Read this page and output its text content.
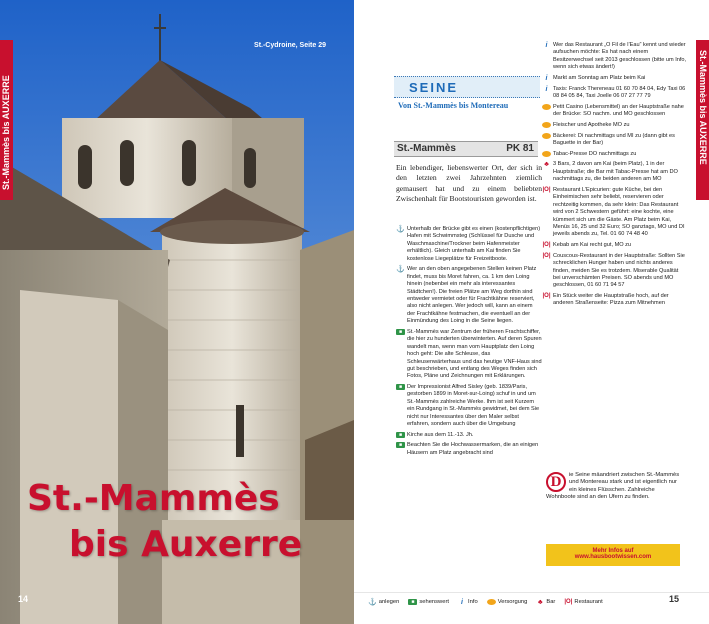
St.-Mammès bis AUXERRE
St.-Cydroine, Seite 29
St.-Mammès
bis Auxerre
14
St.-Mammès bis AUXERRE
SEINE
Von St.-Mammès bis Montereau
St.-Mammès	PK 81
Ein lebendiger, liebenswerter Ort, der sich in den letzten zwei Jahrzehnten ziemlich gemausert hat und zu einem beliebten Zwischenhalt für Bootstouristen geworden ist.
⚓ Unterhalb der Brücke gibt es einen (kostenpflichtigen) Hafen mit Schwimmsteg (Schlüssel für Dusche und Waschmaschine/Trockner beim Hafenmeister erhältlich). Gleich unterhalb am Kai finden Sie kostenlose Liegeplätze für Freizeitboote.
⚓ Wer an den oben angegebenen Stellen keinen Platz findet, muss bis Moret fahren, ca. 1 km den Loing hinein (nebenbei ein mehr als interessantes Städtchen!). Die freien Plätze am Weg dorthin sind entweder vermietet oder für Frachtkähne reserviert, also nicht anlegen. Wer jedoch will, kann an einem der Frachtkähne festmachen, die eventuell an der Einmündung des Loing in die Seine liegen.
■ St.-Mammès war Zentrum der früheren Frachtschiffer, die hier zu hunderten überwinterten. Auf deren Spuren wandelt man, wenn man vom Hauptplatz den Loing hoch geht: Die alte Schleuse, das Schleusenwärterhaus und das heutige VNF-Haus sind gut beschrieben, und entlang des Weges finden sich Fotos, Pläne und Zeichnungen mit Erklärungen.
■ Der Impressionist Alfred Sisley (geb. 1839/Paris, gestorben 1899 in Moret-sur-Loing) schuf in und um St.-Mammès zahlreiche Werke. Ihm ist seit Kurzem ein Rundgang in St.-Mammès gewidmet, bei dem Sie nicht nur Interessantes über den Maler selbst erfahren, sondern auch über die Umgebung
■ Kirche aus dem 11.-13. Jh.
■ Beachten Sie die Hochwassermarken, die an einigen Häusern am Platz angebracht sind
i Wer das Restaurant „O Fil de l’Eau“ kennt und wieder aufsuchen möchte: Es hat nach einem Besitzerwechsel seit 2013 geschlossen (bitte um Info, wenn sich etwas ändert!)
i Markt am Sonntag am Platz beim Kai
i Taxis: Franck Thereneau 01 60 70 84 04, Edy Taxi 06 08 84 05 84, Taxi Joelle 06 07 27 77 79
Petit Casino (Lebensmittel) an der Hauptstraße nahe der Brücke: SO nachm. und MO geschlossen
Fleischer und Apotheke MO zu
Bäckerei: Di nachmittags und MI zu (dann gibt es Baguette in der Bar)
Tabac-Presse DO nachmittags zu
♣ 3 Bars, 2 davon am Kai (beim Platz), 1 in der Hauptstraße; die Bar mit Tabac-Presse hat am DO nachmittags zu, die beiden anderen am MO
|O| Restaurant L’Epicurien: gute Küche, bei den Einheimischen sehr beliebt, reservieren oder rechtzeitig kommen, da sehr klein: Das Restaurant wird von 2 Schwestern geführt: eine kochte, eine kümmert sich um die Gäste. Am Platz beim Kai, Menüs 16, 25 und 32 Euro; SO ganztags, MO und DI jeweils abends zu, Tel. 01 60 74 48 40
|O| Kebab am Kai recht gut, MO zu
|O| Couscous-Restaurant in der Hauptstraße: Sollten Sie schrecklichen Hunger haben und nichts anderes finden, meiden Sie es trotzdem. Miserable Qualität bei unverschämten Preisen. SO abends und MO geschlossen, 01 60 71 94 57
|O| Ein Stück weiter die Hauptstraße hoch, auf der anderen Straßenseite: Pizza zum Mitnehmen
D	ie Seine mäandriert zwischen St.-Mammès und Montereau stark und ist eigentlich nur ein kleines Flüsschen. Zahlreiche Wohnboote sind an den Ufern zu finden.
Mehr Infos auf
www.hausbootwissen.com
⚓ anlegen	■ sehenswert	i Info	Versorgung ♣ Bar |O| Restaurant	15
